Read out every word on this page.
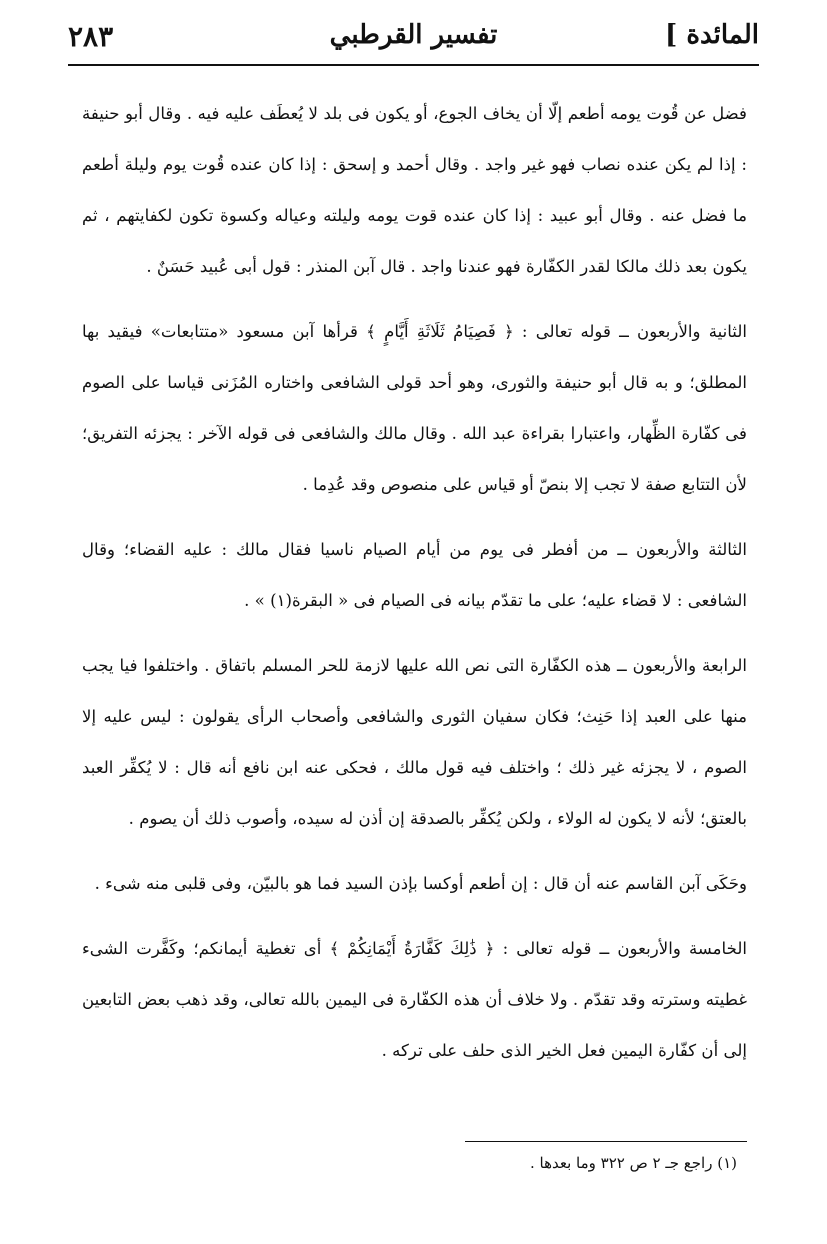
المائدة ]
تفسير القرطبي
٢٨٣

فضل عن قُوت يومه أطعم إلّا أن يخاف الجوع، أو يكون فى بلد لا يُعطَف عليه فيه . وقال أبو حنيفة : إذا لم يكن عنده نصاب فهو غير واجد . وقال أحمد و إسحق : إذا كان عنده قُوت يوم وليلة أطعم ما فضل عنه . وقال أبو عبيد : إذا كان عنده قوت يومه وليلته وعياله وكسوة تكون لكفايتهم ، ثم يكون بعد ذلك مالكا لقدر الكفّارة فهو عندنا واجد . قال آبن المنذر : قول أبى عُبيد حَسَنٌ .

الثانية والأربعون ــ قوله تعالى : ﴿ فَصِيَامُ ثَلَاثَةِ أَيَّامٍ ﴾ قرأها آبن مسعود «متتابعات» فيقيد بها المطلق؛ و به قال أبو حنيفة والثورى، وهو أحد قولى الشافعى واختاره المُزَنى قياسا على الصوم فى كفّارة الظِّهار، واعتبارا بقراءة عبد الله . وقال مالك والشافعى فى قوله الآخر : يجزئه التفريق؛ لأن التتابع صفة لا تجب إلا بنصّ أو قياس على منصوص وقد عُدِما .

الثالثة والأربعون ــ من أفطر فى يوم من أيام الصيام ناسيا فقال مالك : عليه القضاء؛ وقال الشافعى : لا قضاء عليه؛ على ما تقدّم بيانه فى الصيام فى « البقرة(١) » .

الرابعة والأربعون ــ هذه الكفّارة التى نص الله عليها لازمة للحر المسلم باتفاق . واختلفوا فيا يجب منها على العبد إذا حَنِث؛ فكان سفيان الثورى والشافعى وأصحاب الرأى يقولون : ليس عليه إلا الصوم ، لا يجزئه غير ذلك ؛ واختلف فيه قول مالك ، فحكى عنه ابن نافع أنه قال : لا يُكفِّر العبد بالعتق؛ لأنه لا يكون له الولاء ، ولكن يُكفِّر بالصدقة إن أذن له سيده، وأصوب ذلك أن يصوم .

وحَكَى آبن القاسم عنه أن قال : إن أطعم أوكسا بإذن السيد فما هو بالبيّن، وفى قلبى منه شىء .

الخامسة والأربعون ــ قوله تعالى : ﴿ ذَٰلِكَ كَفَّارَةُ أَيْمَانِكُمْ ﴾ أى تغطية أيمانكم؛ وكَفَّرت الشىء غطيته وسترته وقد تقدّم . ولا خلاف أن هذه الكفّارة فى اليمين بالله تعالى، وقد ذهب بعض التابعين إلى أن كفّارة اليمين فعل الخير الذى حلف على تركه .

(١) راجع جـ ٢ ص ٣٢٢ وما بعدها .
